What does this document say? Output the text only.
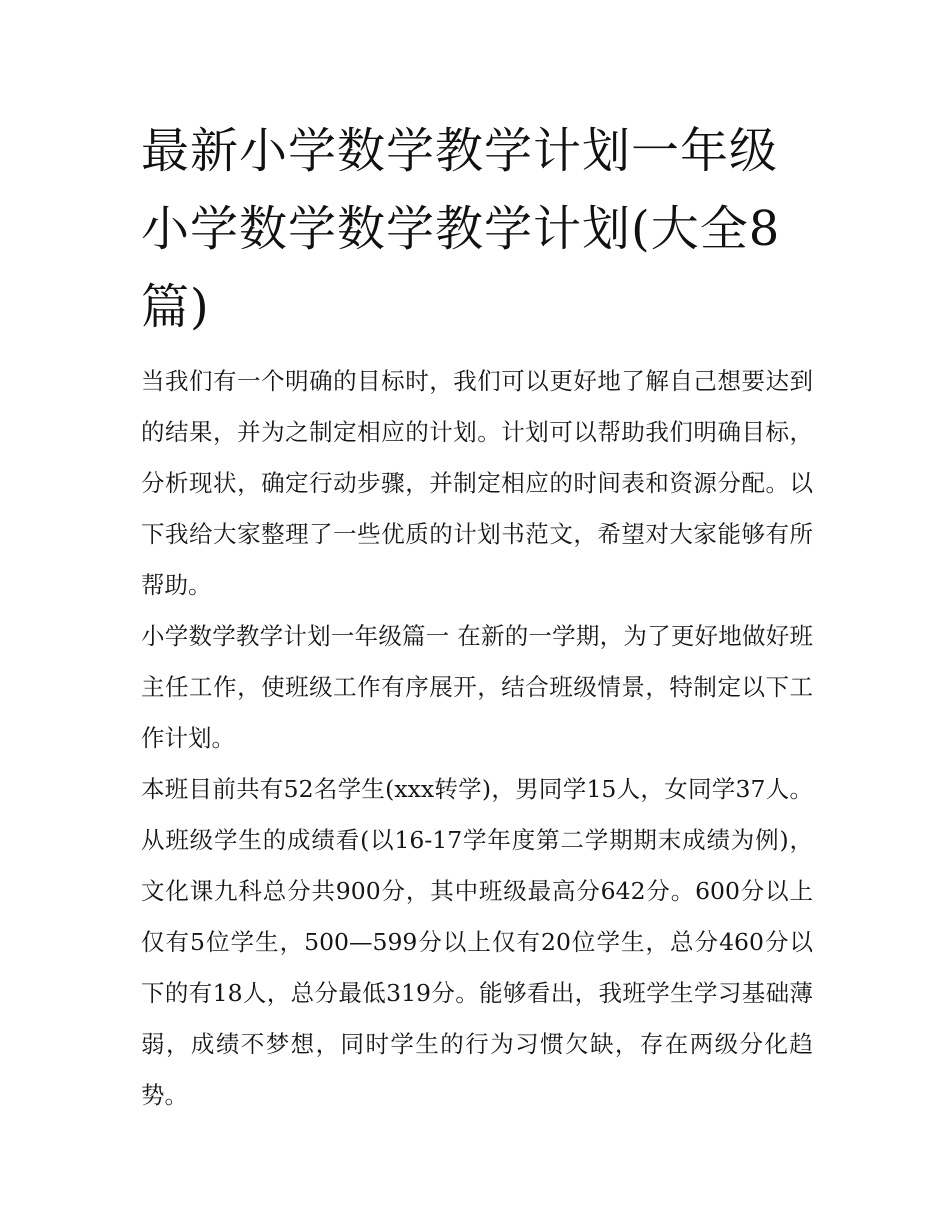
最新小学数学教学计划一年级小学数学数学教学计划(大全8篇)

当我们有一个明确的目标时，我们可以更好地了解自己想要达到的结果，并为之制定相应的计划。计划可以帮助我们明确目标，分析现状，确定行动步骤，并制定相应的时间表和资源分配。以下我给大家整理了一些优质的计划书范文，希望对大家能够有所帮助。

小学数学教学计划一年级篇一 在新的一学期，为了更好地做好班主任工作，使班级工作有序展开，结合班级情景，特制定以下工作计划。

本班目前共有52名学生(xxx转学)，男同学15人，女同学37人。从班级学生的成绩看(以16-17学年度第二学期期末成绩为例)，文化课九科总分共900分，其中班级最高分642分。600分以上仅有5位学生，500—599分以上仅有20位学生，总分460分以下的有18人，总分最低319分。能够看出，我班学生学习基础薄弱，成绩不梦想，同时学生的行为习惯欠缺，存在两级分化趋势。
